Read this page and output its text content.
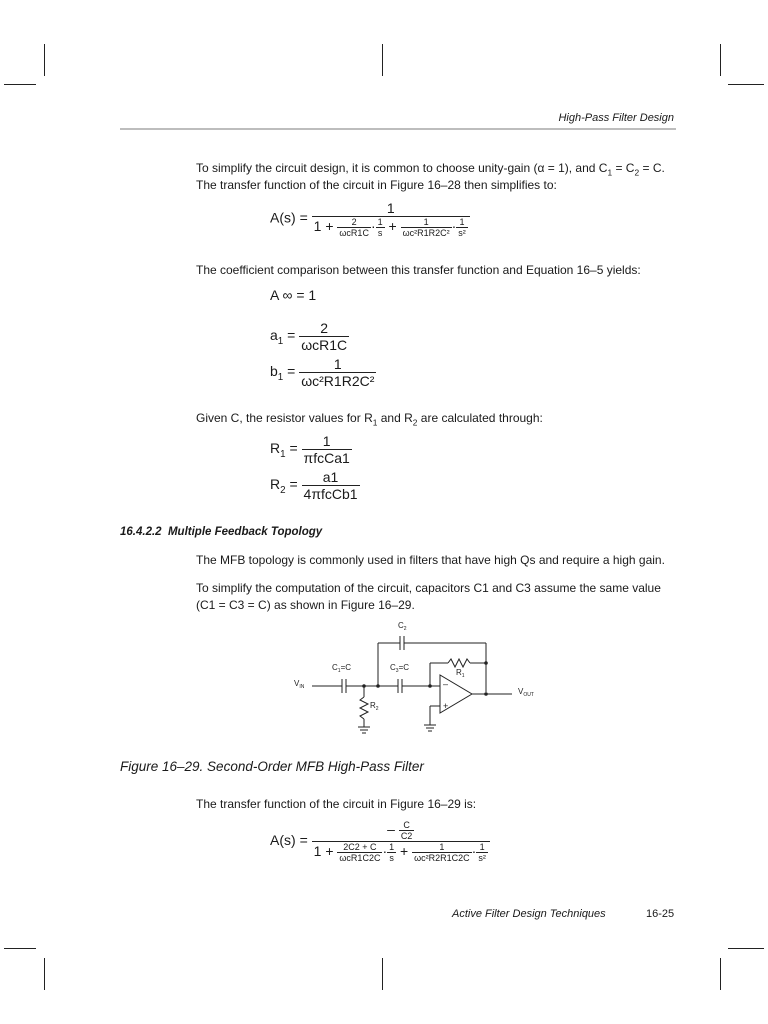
High-Pass Filter Design
To simplify the circuit design, it is common to choose unity-gain (α = 1), and $C_1 = C_2 = C$.
The transfer function of the circuit in Figure 16–28 then simplifies to:
$A(s) = \frac{1}{1 + \frac{2}{\text{ωcR1C}} \cdot \frac{1}{s} + \frac{1}{\text{ωc²R1R2C²}} \cdot \frac{1}{\text{s²}}}$
The coefficient comparison between this transfer function and Equation 16–5 yields:
A ∞ = 1
$a_1 = \frac{2}{\text{ωcR1C}}$
$b_1 = \frac{1}{\text{ωc²R1R2C²}}$
Given C, the resistor values for $R_1$ and $R_2$ are calculated through:
$R_1 = \frac{1}{\text{πfcCa1}}$
$R_2 = \frac{a1}{\text{4πfcCb1}}$
16.4.2.2 Multiple Feedback Topology
The MFB topology is commonly used in filters that have high Qs and require a high gain.
To simplify the computation of the circuit, capacitors C1 and C3 assume the same value
(C1 = C3 = C) as shown in Figure 16–29.
$C_2$
$C_1=C$	$C_3=C$
$R_1$
$R_2$
$V_{IN}$	$V_{OUT}$
–
+
Figure 16–29. Second-Order MFB High-Pass Filter
The transfer function of the circuit in Figure 16–29 is:
A(s) =
– $\frac{C}{C2}$
$1 + \frac{2C2 + C}{\text{ωcR1C2C}} \cdot \frac{1}{s} + \frac{1}{\text{ωc²R2R1C2C}} \cdot \frac{1}{\text{s²}}$
Active Filter Design Techniques	16-25
